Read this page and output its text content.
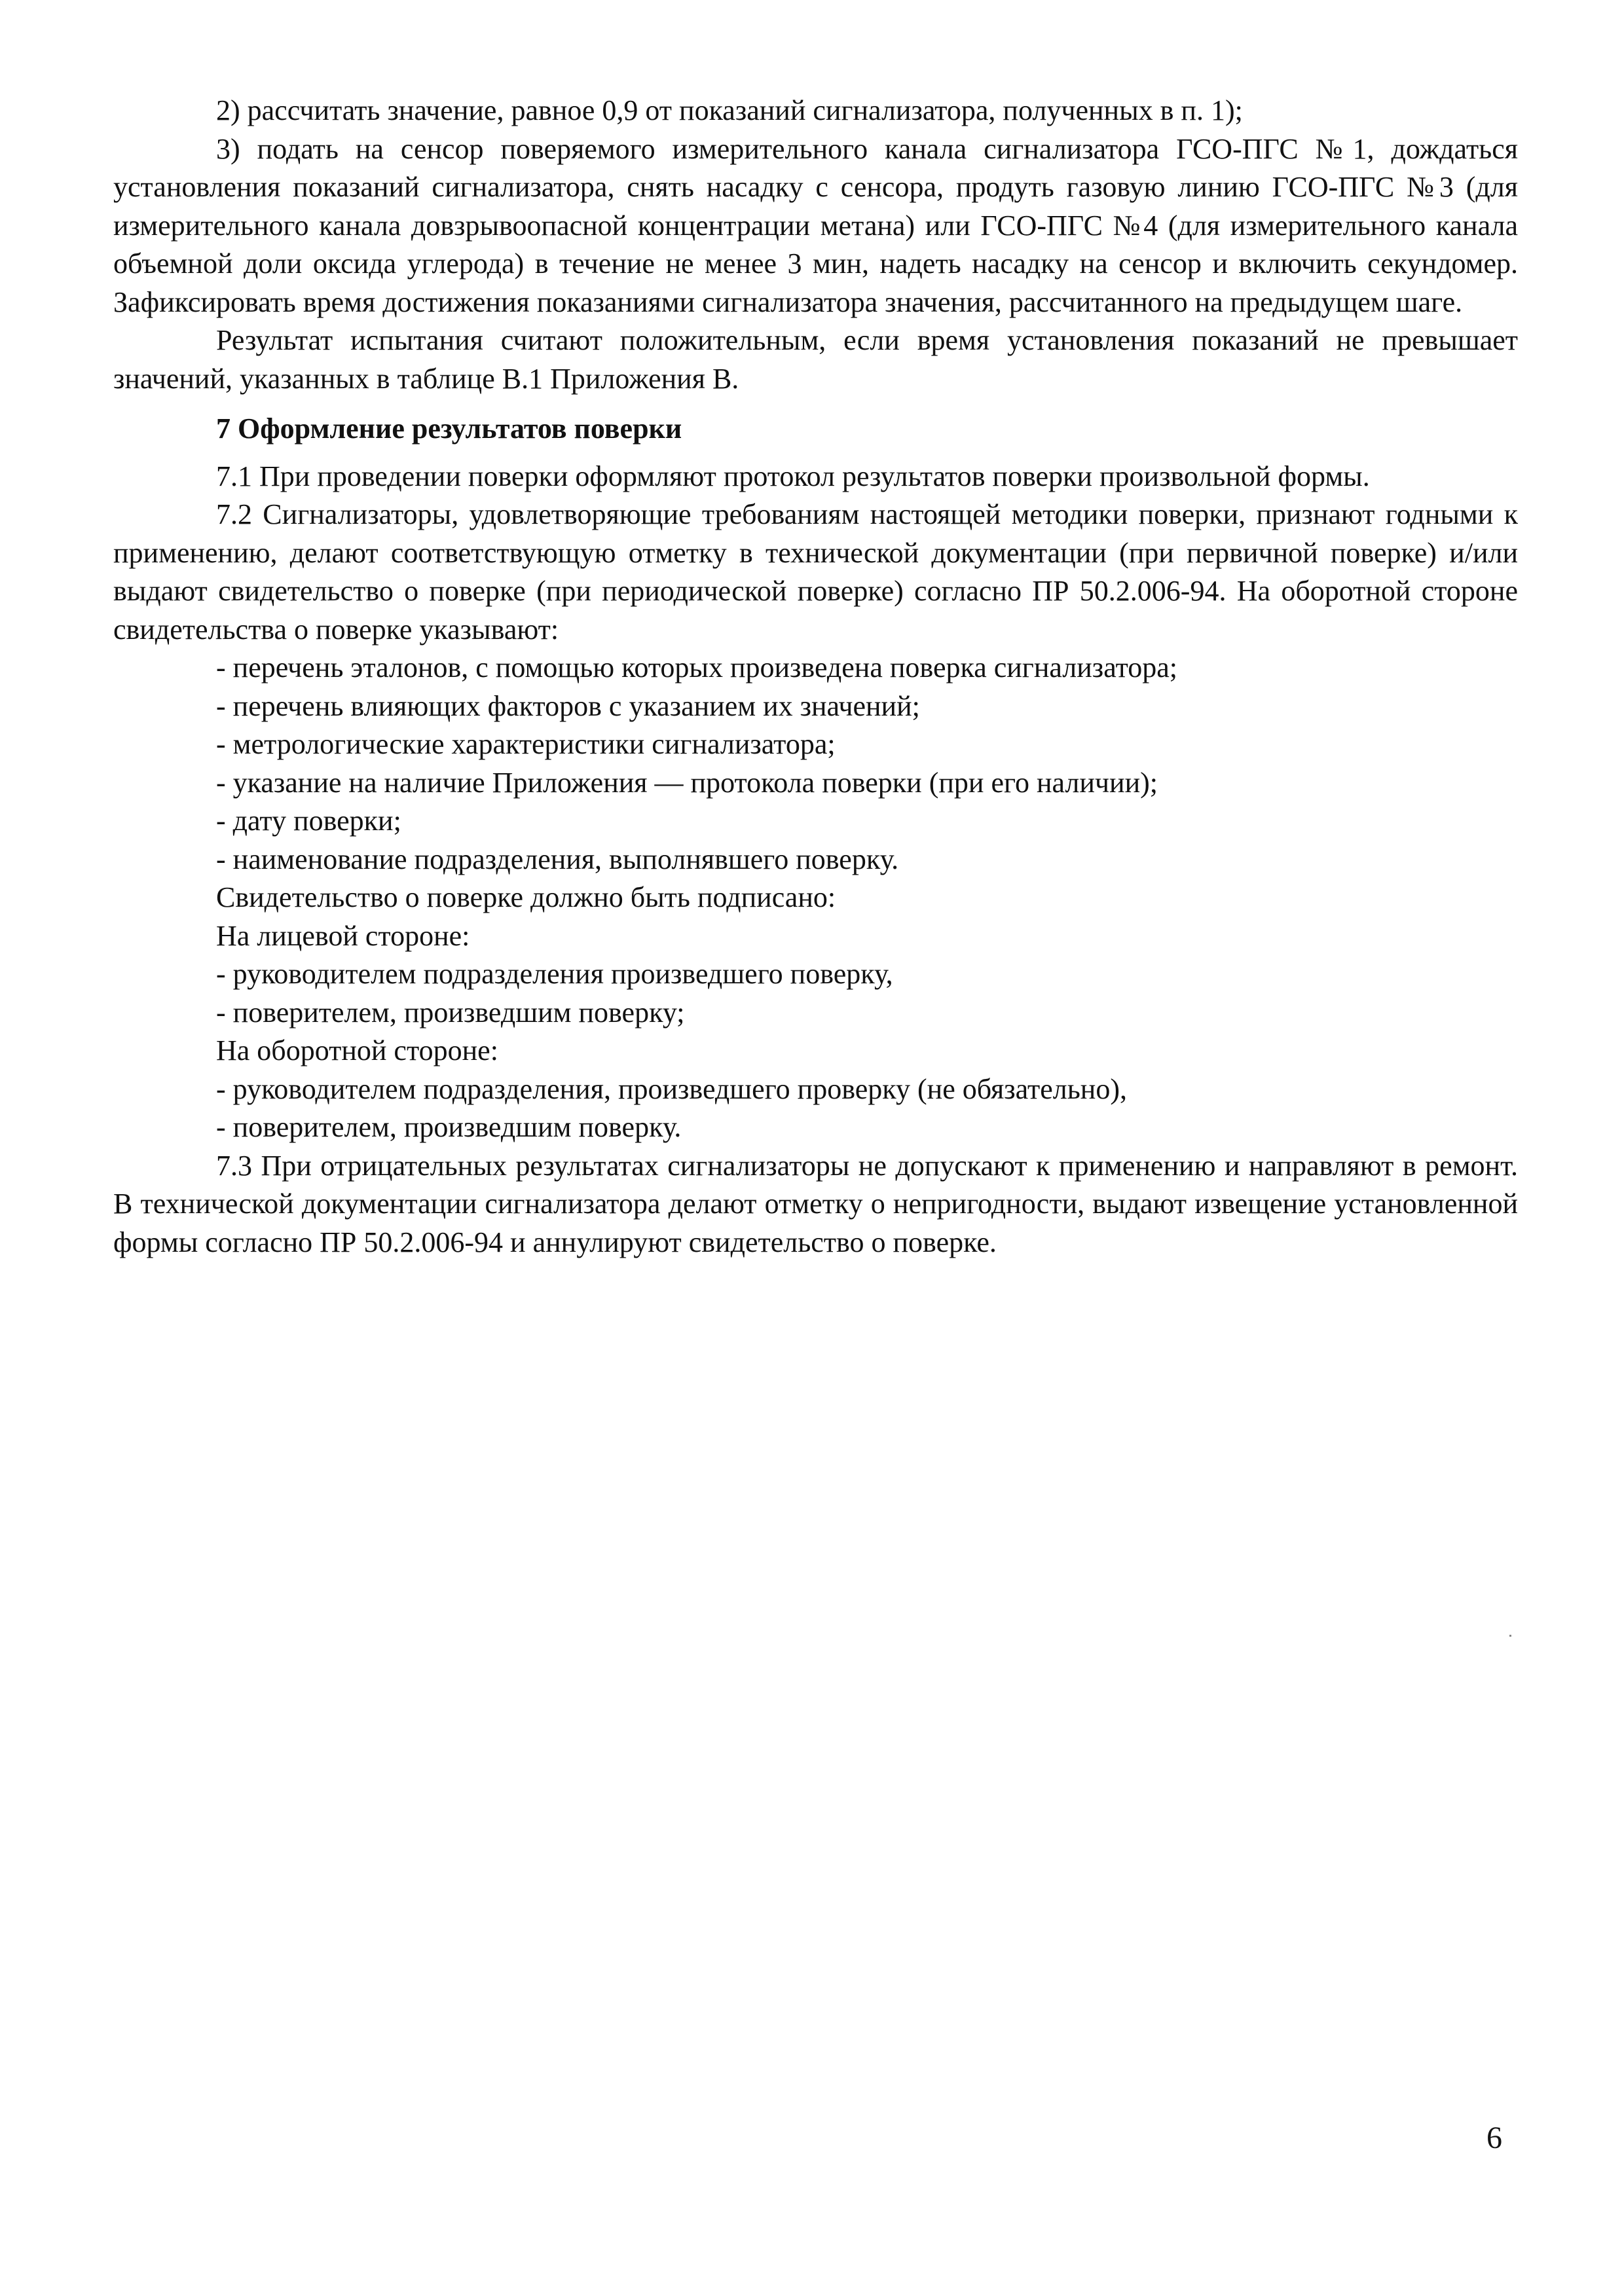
2) рассчитать значение, равное 0,9 от показаний сигнализатора, полученных в п. 1);

3) подать на сенсор поверяемого измерительного канала сигнализатора ГСО-ПГС №1, дождаться установления показаний сигнализатора, снять насадку с сенсора, продуть газовую линию ГСО-ПГС №3 (для измерительного канала довзрывоопасной концентрации метана) или ГСО-ПГС №4 (для измерительного канала объемной доли оксида углерода) в течение не менее 3 мин, надеть насадку на сенсор и включить секундомер. Зафиксировать время достижения показаниями сигнализатора значения, рассчитанного на предыдущем шаге.

Результат испытания считают положительным, если время установления показаний не превышает значений, указанных в таблице В.1 Приложения В.

7 Оформление результатов поверки

7.1 При проведении поверки оформляют протокол результатов поверки произвольной формы.

7.2 Сигнализаторы, удовлетворяющие требованиям настоящей методики поверки, признают годными к применению, делают соответствующую отметку в технической документации (при первичной поверке) и/или выдают свидетельство о поверке (при периодической поверке) согласно ПР 50.2.006-94. На оборотной стороне свидетельства о поверке указывают:

- перечень эталонов, с помощью которых произведена поверка сигнализатора;

- перечень влияющих факторов с указанием их значений;

- метрологические характеристики сигнализатора;

- указание на наличие Приложения — протокола поверки (при его наличии);

- дату поверки;

- наименование подразделения, выполнявшего поверку.

Свидетельство о поверке должно быть подписано:

На лицевой стороне:

- руководителем подразделения произведшего поверку,

- поверителем, произведшим поверку;

На оборотной стороне:

- руководителем подразделения, произведшего проверку (не обязательно),

- поверителем, произведшим поверку.

7.3 При отрицательных результатах сигнализаторы не допускают к применению и направляют в ремонт. В технической документации сигнализатора делают отметку о непригодности, выдают извещение установленной формы согласно ПР 50.2.006-94 и аннулируют свидетельство о поверке.

6
